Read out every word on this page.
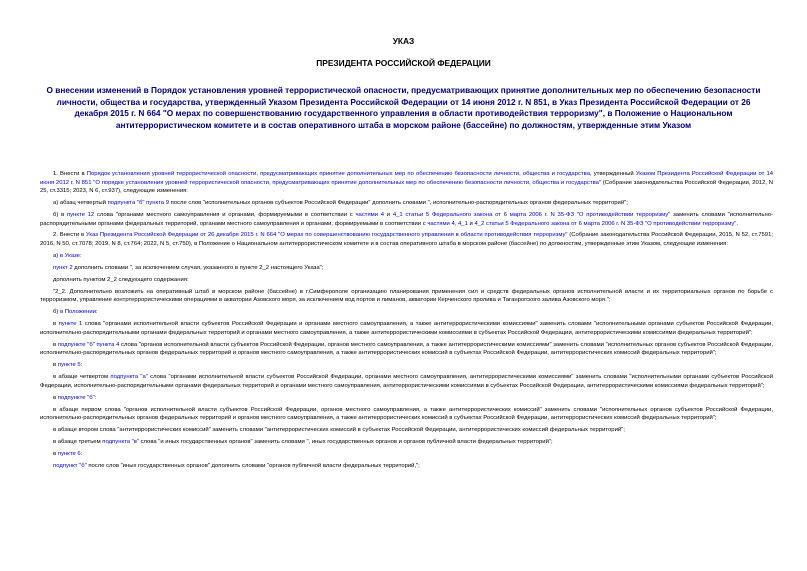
УКАЗ
ПРЕЗИДЕНТА РОССИЙСКОЙ ФЕДЕРАЦИИ
О внесении изменений в Порядок установления уровней террористической опасности, предусматривающих принятие дополнительных мер по обеспечению безопасности личности, общества и государства, утвержденный Указом Президента Российской Федерации от 14 июня 2012 г. N 851, в Указ Президента Российской Федерации от 26 декабря 2015 г. N 664 "О мерах по совершенствованию государственного управления в области противодействия терроризму", в Положение о Национальном антитеррористическом комитете и в состав оперативного штаба в морском районе (бассейне) по должностям, утвержденные этим Указом

1. Внести в Порядок установления уровней террористической опасности, предусматривающих принятие дополнительных мер по обеспечению безопасности личности, общества и государства, утвержденный Указом Президента Российской Федерации от 14 июня 2012 г. N 851 "О порядке установления уровней террористической опасности, предусматривающих принятие дополнительных мер по обеспечению безопасности личности, общества и государства" (Собрание законодательства Российской Федерации, 2012, N 25, ст.3315; 2023, N 6, ст.937), следующие изменения:

а) абзац четвертый подпункта "б" пункта 9 после слов "исполнительных органов субъектов Российской Федерации" дополнить словами ", исполнительно-распорядительных органов федеральных территорий";

б) в пункте 12 слова "органами местного самоуправления и органами, формируемыми в соответствии с частями 4 и 4_1 статьи 5 Федерального закона от 6 марта 2006 г. N 35-ФЗ "О противодействии терроризму" заменить словами "исполнительно-распорядительными органами федеральных территорий, органами местного самоуправления и органами, формируемыми в соответствии с частями 4, 4_1 и 4_2 статьи 5 Федерального закона от 6 марта 2006 г. N 35-ФЗ "О противодействии терроризму".

2. Внести в Указ Президента Российской Федерации от 26 декабря 2015 г. N 664 "О мерах по совершенствованию государственного управления в области противодействия терроризму" (Собрание законодательства Российской Федерации, 2015, N 52, ст.7591; 2016, N 50, ст.7078; 2019, N 8, ст.764; 2022, N 5, ст.750), в Положение о Национальном антитеррористическом комитете и в состав оперативного штаба в морском районе (бассейне) по должностям, утвержденные этим Указом, следующие изменения:

а) в Указе:

пункт 2 дополнить словами ", за исключением случая, указанного в пункте 2_2 настоящего Указа";

дополнить пунктом 2_2 следующего содержания:

"2_2. Дополнительно возложить на оперативный штаб в морском районе (бассейне) в г.Симферополе организацию планирования применения сил и средств федеральных органов исполнительной власти и их территориальных органов по борьбе с терроризмом, управление контртеррористическими операциями в акватории Азовского моря, за исключением вод портов и лиманов, акватории Керченского пролива и Таганрогского залива Азовского моря.";

б) в Положении:

в пункте 1 слова "органами исполнительной власти субъектов Российской Федерации и органами местного самоуправления, а также антитеррористическими комиссиями" заменить словами "исполнительными органами субъектов Российской Федерации, исполнительно-распорядительными органами федеральных территорий и органами местного самоуправления, а также антитеррористическими комиссиями в субъектах Российской Федерации, антитеррористическими комиссиями федеральных территорий";

в подпункте "б" пункта 4 слова "органов исполнительной власти субъектов Российской Федерации, органов местного самоуправления, а также антитеррористическими комиссиями" заменить словами "исполнительных органов субъектов Российской Федерации, исполнительно-распорядительных органов федеральных территорий и органов местного самоуправления, а также антитеррористических комиссий в субъектах Российской Федерации, антитеррористических комиссий федеральных территорий";

в пункте 5:

в абзаце четвертом подпункта "а" слова "органами исполнительной власти субъектов Российской Федерации, органами местного самоуправления, антитеррористическими комиссиями" заменить словами "исполнительными органами субъектов Российской Федерации, исполнительно-распорядительными органами федеральных территорий и органами местного самоуправления, антитеррористическими комиссиями в субъектах Российской Федерации, антитеррористическими комиссиями федеральных территорий";

в подпункте "б":

в абзаце первом слова "органов исполнительной власти субъектов Российской Федерации, органов местного самоуправления, а также антитеррористических комиссий" заменить словами "исполнительных органов субъектов Российской Федерации, исполнительно-распорядительных органов федеральных территорий и органов местного самоуправления, а также антитеррористических комиссий в субъектах Российской Федерации, антитеррористических комиссий федеральных территорий";

в абзаце втором слова "антитеррористических комиссий" заменить словами "антитеррористических комиссий в субъектах Российской Федерации, антитеррористических комиссий федеральных территорий";

в абзаце третьем подпункта "в" слова "и иных государственных органов" заменить словами ", иных государственных органов и органов публичной власти федеральных территорий";

в пункте 6:

подпункт "б" после слов "иных государственных органов" дополнить словами "органов публичной власти федеральных территорий,";
